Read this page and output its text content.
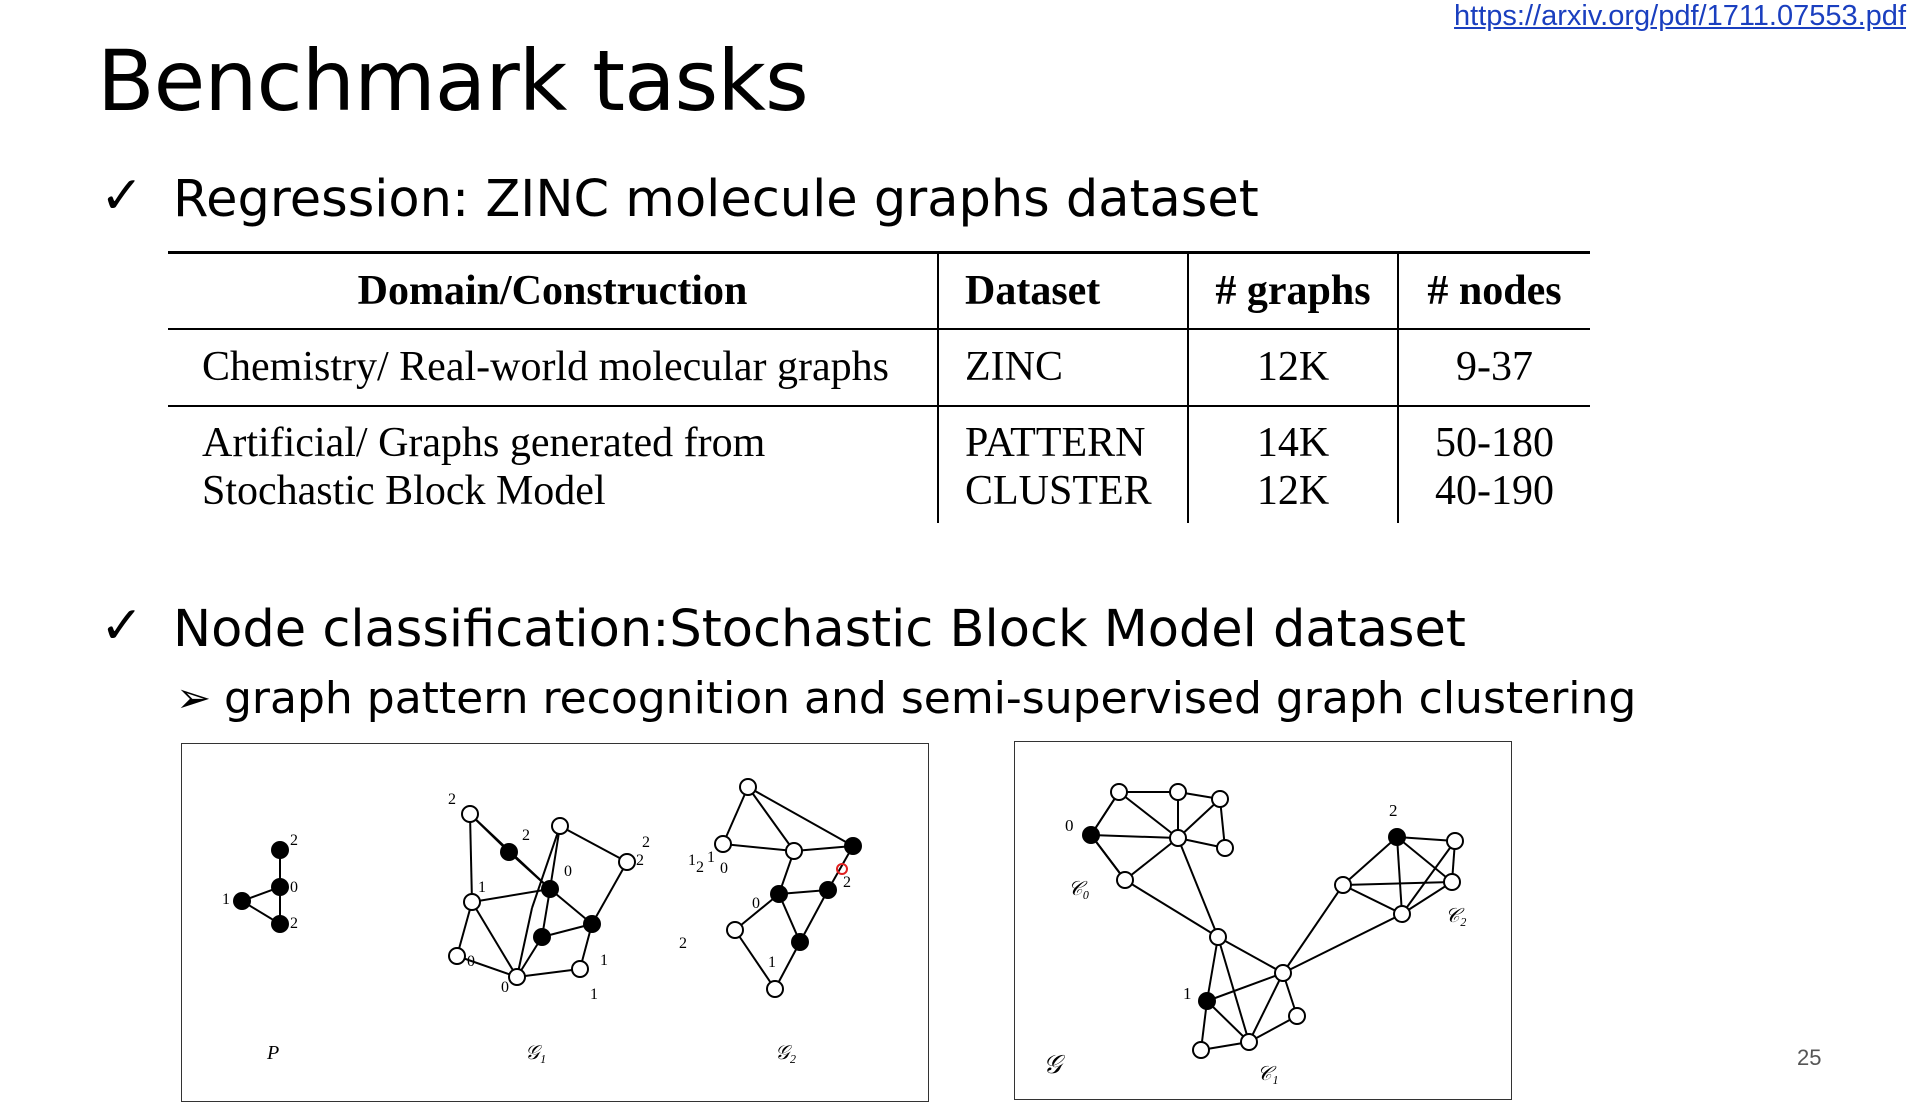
https://arxiv.org/pdf/1711.07553.pdf
Benchmark tasks
✓ Regression: ZINC molecule graphs dataset
Domain/Construction	Dataset	# graphs	# nodes
Chemistry/ Real-world molecular graphs	ZINC	12K	9-37
Artificial/ Graphs generated from	PATTERN	14K	50-180
Stochastic Block Model	CLUSTER	12K	40-190
✓ Node classification:Stochastic Block Model dataset
➢ graph pattern recognition and semi-supervised graph clustering
2
0
1
2
2
2
2
0
1
1
2
1 0
0
0	1
2
2
1
0
2
1
P	𝒢₁	𝒢₂
0
1
2
𝒞₀
𝒞₁
𝒞₂
𝒢	25
